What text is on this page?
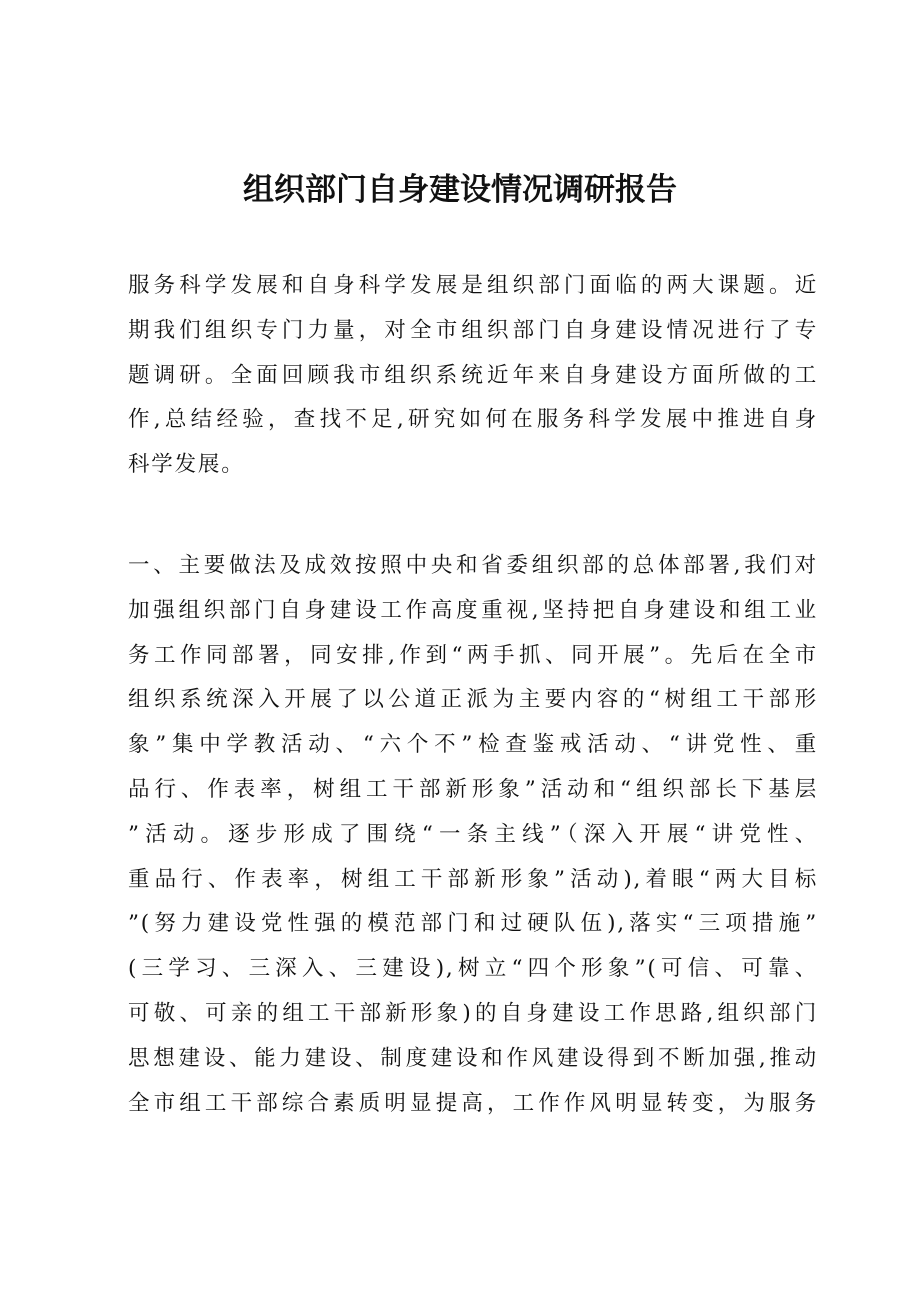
组织部门自身建设情况调研报告
服务科学发展和自身科学发展是组织部门面临的两大课题。近
期我们组织专门力量，对全市组织部门自身建设情况进行了专
题调研。全面回顾我市组织系统近年来自身建设方面所做的工
作,总结经验，查找不足,研究如何在服务科学发展中推进自身
科学发展。
一、主要做法及成效按照中央和省委组织部的总体部署,我们对
加强组织部门自身建设工作高度重视,坚持把自身建设和组工业
务工作同部署，同安排,作到“两手抓、同开展”。先后在全市
组织系统深入开展了以公道正派为主要内容的“树组工干部形
象”集中学教活动、“六个不”检查鉴戒活动、“讲党性、重
品行、作表率，树组工干部新形象”活动和“组织部长下基层
”活动。逐步形成了围绕“一条主线”（深入开展“讲党性、
重品行、作表率，树组工干部新形象”活动),着眼“两大目标
”(努力建设党性强的模范部门和过硬队伍),落实“三项措施”
(三学习、三深入、三建设),树立“四个形象”(可信、可靠、
可敬、可亲的组工干部新形象)的自身建设工作思路,组织部门
思想建设、能力建设、制度建设和作风建设得到不断加强,推动
全市组工干部综合素质明显提高，工作作风明显转变，为服务
